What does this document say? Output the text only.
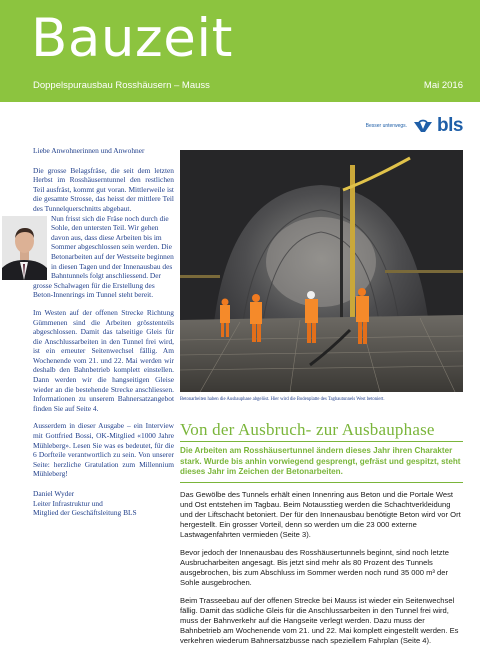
Bauzeit
Doppelspurausbau Rosshäusern – Mauss	Mai 2016
Besser unterwegs. bls
Liebe Anwohnerinnen und Anwohner
Die grosse Belagsfräse, die seit dem letzten Herbst im Rosshäuserntunnel den restlichen Teil ausfräst, kommt gut voran. Mittlerweile ist die gesamte Strosse, das heisst der mittlere Teil des Tunnelquerschnitts abgebaut.
Nun frisst sich die Fräse noch durch die Sohle, den untersten Teil. Wir gehen davon aus, dass diese Arbeiten bis im Sommer abgeschlossen sein werden. Die Betonarbeiten auf der Westseite beginnen in diesen Tagen und der Innenausbau des Bahntunnels folgt anschliessend. Der grosse Schalwagen für die Erstellung des Beton-Innenrings im Tunnel steht bereit.
Im Westen auf der offenen Strecke Richtung Gümmenen sind die Arbeiten grösstenteils abgeschlossen. Damit das talseitige Gleis für die Anschlussarbeiten in den Tunnel frei wird, ist ein erneuter Seitenwechsel fällig. Am Wochenende vom 21. und 22. Mai werden wir deshalb den Bahnbetrieb komplett einstellen. Dann werden wir die hangseitigen Gleise wieder an die bestehende Strecke anschliessen. Informationen zu unserem Bahnersatzangebot finden Sie auf Seite 4.
Ausserdem in dieser Ausgabe – ein Interview mit Gottfried Bossi, OK-Mitglied «1000 Jahre Mühleberg». Lesen Sie was es bedeutet, für die 6 Dorfteile verantwortlich zu sein. Von unserer Seite: herzliche Gratulation zum Millennium Mühleberg!
Daniel Wyder
Leiter Infrastruktur und
Mitglied der Geschäftsleitung BLS
Betonarbeiten haben die Ausbauphase abgelöst. Hier wird die Bodenplatte des Tagbautunnels West betoniert.
Von der Ausbruch- zur Ausbauphase
Die Arbeiten am Rosshäusertunnel ändern dieses Jahr ihren Charakter stark. Wurde bis anhin vorwiegend gesprengt, gefräst und gespitzt, steht dieses Jahr im Zeichen der Betonarbeiten.

Das Gewölbe des Tunnels erhält einen Innenring aus Beton und die Portale West und Ost entstehen im Tagbau. Beim Notausstieg werden die Schachtverkleidung und der Liftschacht betoniert. Der für den Innenausbau benötigte Beton wird vor Ort hergestellt. Ein grosser Vorteil, denn so werden um die 23 000 externe Lastwagenfahrten vermieden (Seite 3).

Bevor jedoch der Innenausbau des Rosshäusertunnels beginnt, sind noch letzte Ausbrucharbeiten angesagt. Bis jetzt sind mehr als 80 Prozent des Tunnels ausgebrochen, bis zum Abschluss im Sommer werden noch rund 35 000 m³ der Sohle ausgebrochen.

Beim Trasseebau auf der offenen Strecke bei Mauss ist wieder ein Seitenwechsel fällig. Damit das südliche Gleis für die Anschlussarbeiten in den Tunnel frei wird, muss der Bahnverkehr auf die Hangseite verlegt werden. Dazu muss der Bahnbetrieb am Wochenende vom 21. und 22. Mai komplett eingestellt werden. Es verkehren wiederum Bahnersatzbusse nach speziellem Fahrplan (Seite 4).
